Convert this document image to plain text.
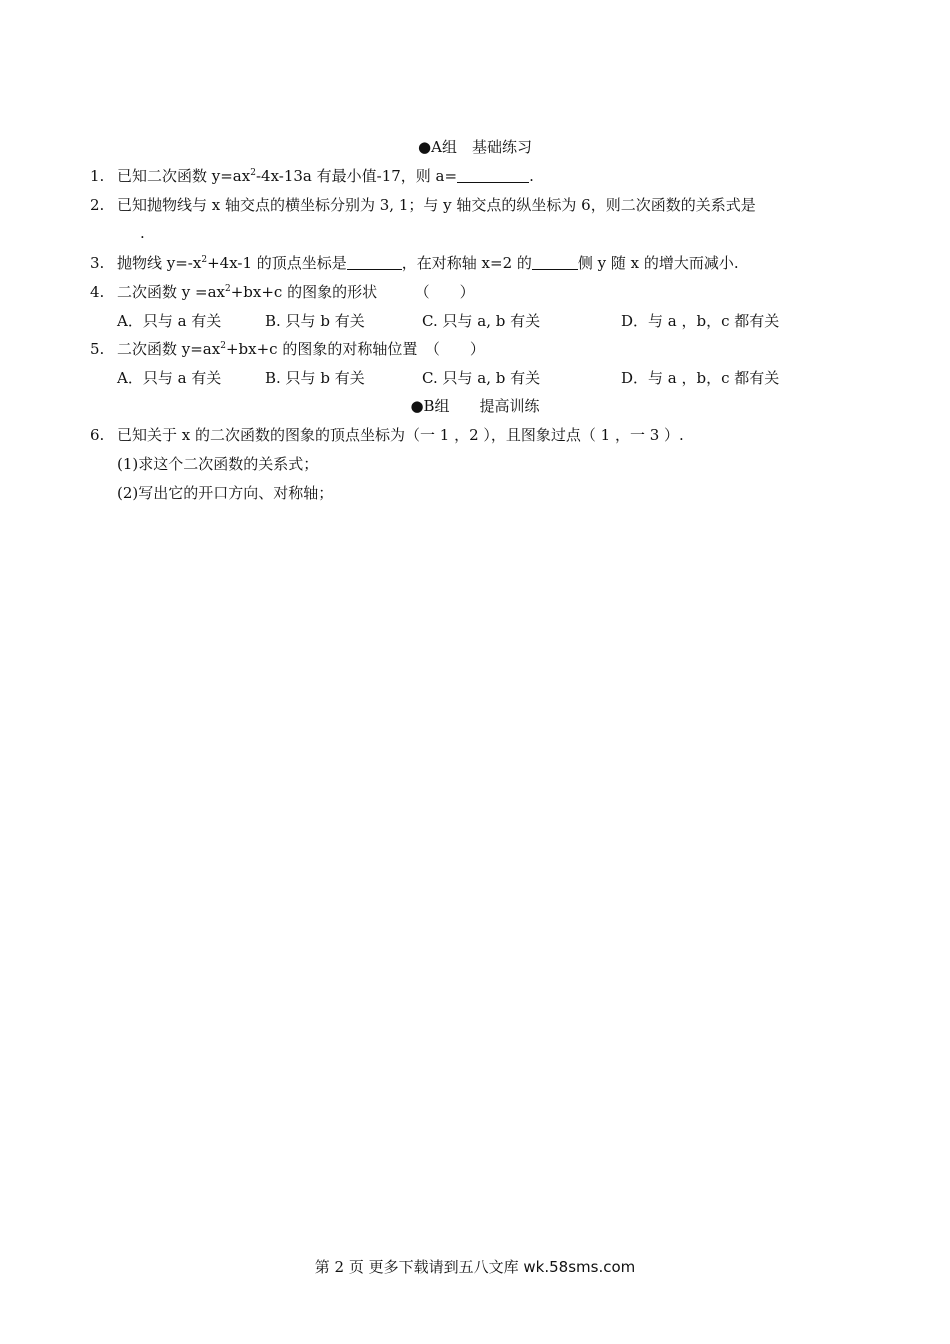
●A组　基础练习
1. 已知二次函数 $y=ax^2-4x-13a$ 有最小值-17，则 a=	.
2. 已知抛物线与 x 轴交点的横坐标分别为 3, 1；与 y 轴交点的纵坐标为 6，则二次函数的关系式是
.
3. 抛物线 $y=-x^2+4x-1$ 的顶点坐标是	，在对称轴 x=2 的	侧 y 随 x 的增大而减小.
4. 二次函数 $y =ax^2+bx+c$ 的图象的形状　　　（　　）
A．只与 a 有关	B. 只与 b 有关	C. 只与 a, b 有关	D．与 a ，b，c 都有关
5. 二次函数 $y=ax^2+bx+c$ 的图象的对称轴位置　（　　）
A．只与 a 有关	B. 只与 b 有关	C. 只与 a, b 有关	D．与 a ，b，c 都有关
●B组　　提高训练
6. 已知关于 x 的二次函数的图象的顶点坐标为（一 1 ，2 ），且图象过点（ 1 ，一 3 ）.
(1)求这个二次函数的关系式；
(2)写出它的开口方向、对称轴；
第 2 页 更多下载请到五八文库 wk.58sms.com
